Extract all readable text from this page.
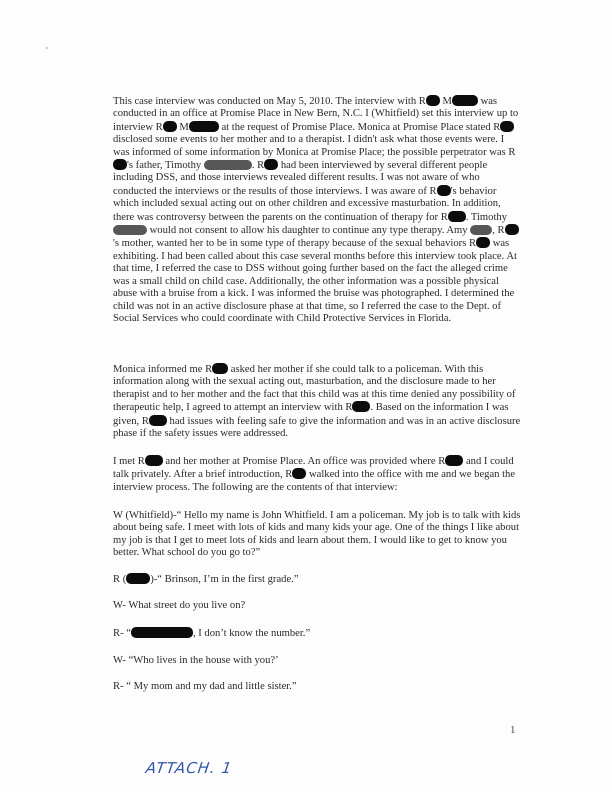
This case interview was conducted on May 5, 2010. The interview with R M was conducted in an office at Promise Place in New Bern, N.C. I (Whitfield) set this interview up to interview R M	at the request of Promise Place. Monica at Promise Place stated R disclosed some events to her mother and to a therapist. I didn't ask what those events were. I was informed of some information by Monica at Promise Place; the possible perpetrator was R's father, Timothy	. R had been interviewed by several different people including DSS, and those interviews revealed different results. I was not aware of who conducted the interviews or the results of those interviews. I was aware of R 's behavior which included sexual acting out on other children and excessive masturbation. In addition, there was controversy between the parents on the continuation of therapy for R . Timothy  would not consent to allow his daughter to continue any type therapy. Amy , R's mother, wanted her to be in some type of therapy because of the sexual behaviors R was exhibiting. I had been called about this case several months before this interview took place. At that time, I referred the case to DSS without going further based on the fact the alleged crime was a small child on child case. Additionally, the other information was a possible physical abuse with a bruise from a kick. I was informed the bruise was photographed. I determined the child was not in an active disclosure phase at that time, so I referred the case to the Dept. of Social Services who could coordinate with Child Protective Services in Florida.
Monica informed me R asked her mother if she could talk to a policeman. With this information along with the sexual acting out, masturbation, and the disclosure made to her therapist and to her mother and the fact that this child was at this time denied any possibility of therapeutic help, I agreed to attempt an interview with R . Based on the information I was given, R had issues with feeling safe to give the information and was in an active disclosure phase if the safety issues were addressed.
I met R and her mother at Promise Place. An office was provided where R and I could talk privately. After a brief introduction, R walked into the office with me and we began the interview process. The following are the contents of that interview:
W (Whitfield)-“ Hello my name is John Whitfield. I am a policeman. My job is to talk with kids about being safe. I meet with lots of kids and many kids your age. One of the things I like about my job is that I get to meet lots of kids and learn about them. I would like to get to know you better. What school do you go to?”
R ( )-“ Brinson, I’m in the first grade.”
W- What street do you live on?
R- “	, I don’t know the number.”
W- “Who lives in the house with you?’
R- “ My mom and my dad and little sister.”
1
ATTACH. 1
